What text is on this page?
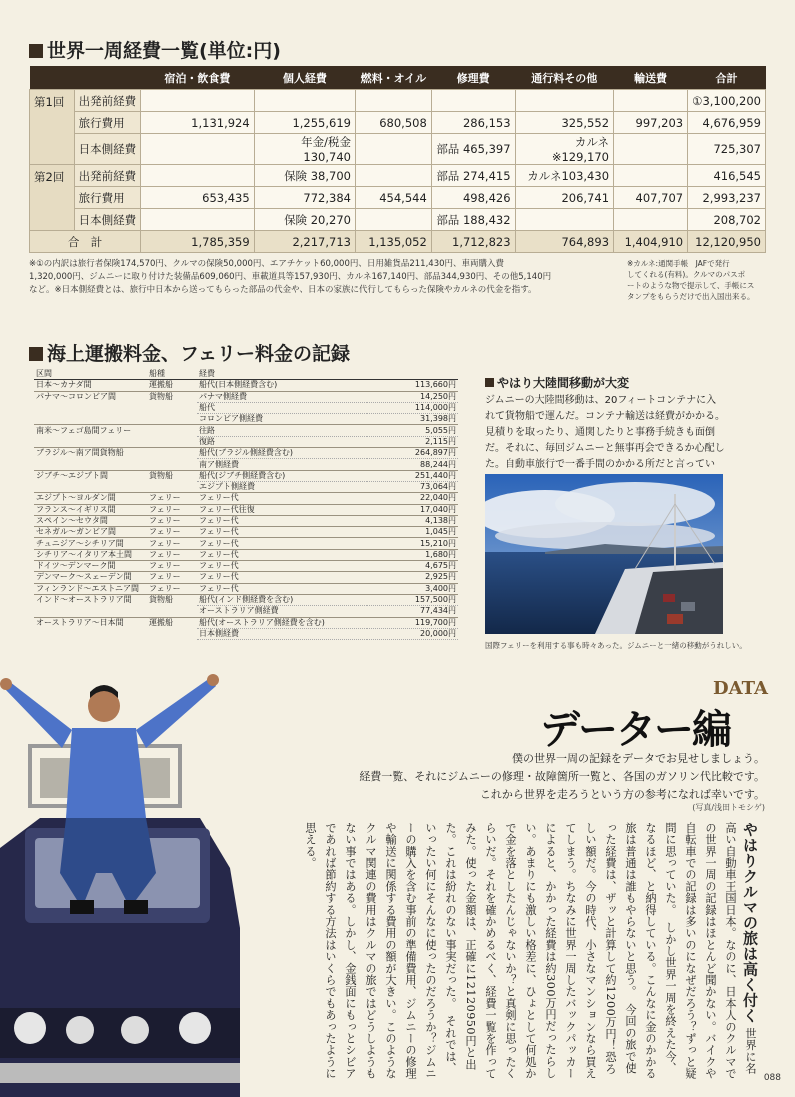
世界一周経費一覧(単位:円)
		宿泊・飲食費	個人経費	燃料・オイル	修理費	通行料その他	輸送費	合計
第1回	出発前経費							①3,100,200
	旅行費用	1,131,924	1,255,619	680,508	286,153	325,552	997,203	4,676,959
	日本側経費		年金/税金 130,740		部品 465,397	カルネ※129,170		725,307
第2回	出発前経費		保険 38,700		部品 274,415	カルネ103,430		416,545
	旅行費用	653,435	772,384	454,544	498,426	206,741	407,707	2,993,237
	日本側経費		保険 20,270		部品 188,432			208,702
合　計		1,785,359	2,217,713	1,135,052	1,712,823	764,893	1,404,910	12,120,950
※①の内訳は旅行者保険174,570円、クルマの保険50,000円、エアチケット60,000円、日用雑貨品211,430円、車両購入費
1,320,000円、ジムニーに取り付けた装備品609,060円、車載道具等157,930円、カルネ167,140円、部品344,930円、その他5,140円
など。※日本側経費とは、旅行中日本から送ってもらった部品の代金や、日本の家族に代行してもらった保険やカルネの代金を指す。
※カルネ:通関手帳　JAFで発行
してくれる(有料)。クルマのパスポ
ートのような物で提示して、手帳にス
タンプをもらうだけで出入国出来る。
海上運搬料金、フェリー料金の記録
区間	船種	経費	
日本～カナダ間	運搬船	船代(日本側経費含む)	113,660円
パナマ～コロンビア間	貨物船	パナマ側経費	14,250円
		船代	114,000円
		コロンビア側経費	31,398円
南米～フェゴ島間フェリー		往路	5,055円
		復路	2,115円
ブラジル～南ア間貨物船		船代(ブラジル側経費含む)	264,897円
		南ア側経費	88,244円
ジブチ～エジプト間	貨物船	船代(ジブチ側経費含む)	251,440円
		エジプト側経費	73,064円
エジプト～ヨルダン間	フェリー	フェリー代	22,040円
フランス～イギリス間	フェリー	フェリー代往復	17,040円
スペイン～セウタ間	フェリー	フェリー代	4,138円
セネガル～ガンビア間	フェリー	フェリー代	1,045円
チュニジア～シチリア間	フェリー	フェリー代	15,210円
シチリア～イタリア本土間	フェリー	フェリー代	1,680円
ドイツ～デンマーク間	フェリー	フェリー代	4,675円
デンマーク～スェーデン間	フェリー	フェリー代	2,925円
フィンランド～エストニア間	フェリー	フェリー代	3,400円
インド～オーストラリア間	貨物船	船代(インド側経費を含む)	157,500円
		オーストラリア側経費	77,434円
オーストラリア～日本間	運搬船	船代(オーストラリア側経費を含む)	119,700円
		日本側経費	20,000円
やはり大陸間移動が大変
ジムニーの大陸間移動は、20フィートコンテナに入れて貨物船で運んだ。コンテナ輸送は経費がかかる。見積りを取ったり、通関したりと事務手続きも面倒だ。それに、毎回ジムニーと無事再会できるか心配した。自動車旅行で一番手間のかかる所だと言ってい
国際フェリーを利用する事も時々あった。ジムニーと一緒の移動がうれしい。
DATA
データー編
僕の世界一周の記録をデータでお見せしましょう。
経費一覧、それにジムニーの修理・故障箇所一覧と、各国のガソリン代比較です。
これから世界を走ろうという方の参考になれば幸いです。
(写真/浅田トモシゲ)
やはりクルマの旅は高く付く 世界に名高い自動車王国日本。なのに、日本人のクルマでの世界一周の記録はほとんど聞かない。バイクや自転車での記録は多いのになぜだろう？ずっと疑問に思っていた。　しかし世界一周を終えた今、なるほど、と納得している。こんなに金のかかる旅は普通は誰もやらないと思う。　今回の旅で使った経費は、ザッと計算して約1200万円！恐ろしい額だ。今の時代、小さなマンションなら買えてしまう。ちなみに世界一周したバックパッカーによると、かかった経費は約300万円だったらしい。あまりにも激しい格差に、ひょとして何処かで金を落としたんじゃないか？と真剣に思ったくらいだ。それを確かめるべく、経費一覧を作ってみた。使った金額は、正確に12120950円と出た。これは紛れのない事実だった。　それでは、いったい何にそんなに使ったのだろうか？ジムニーの購入を含む事前の準備費用、ジムニーの修理や輸送に関係する費用の額が大きい。このようなクルマ関連の費用はクルマの旅ではどうしようもない事ではある。しかし、金銭面にもっとシビアであれば節約する方法はいくらでもあったように思える。
088
